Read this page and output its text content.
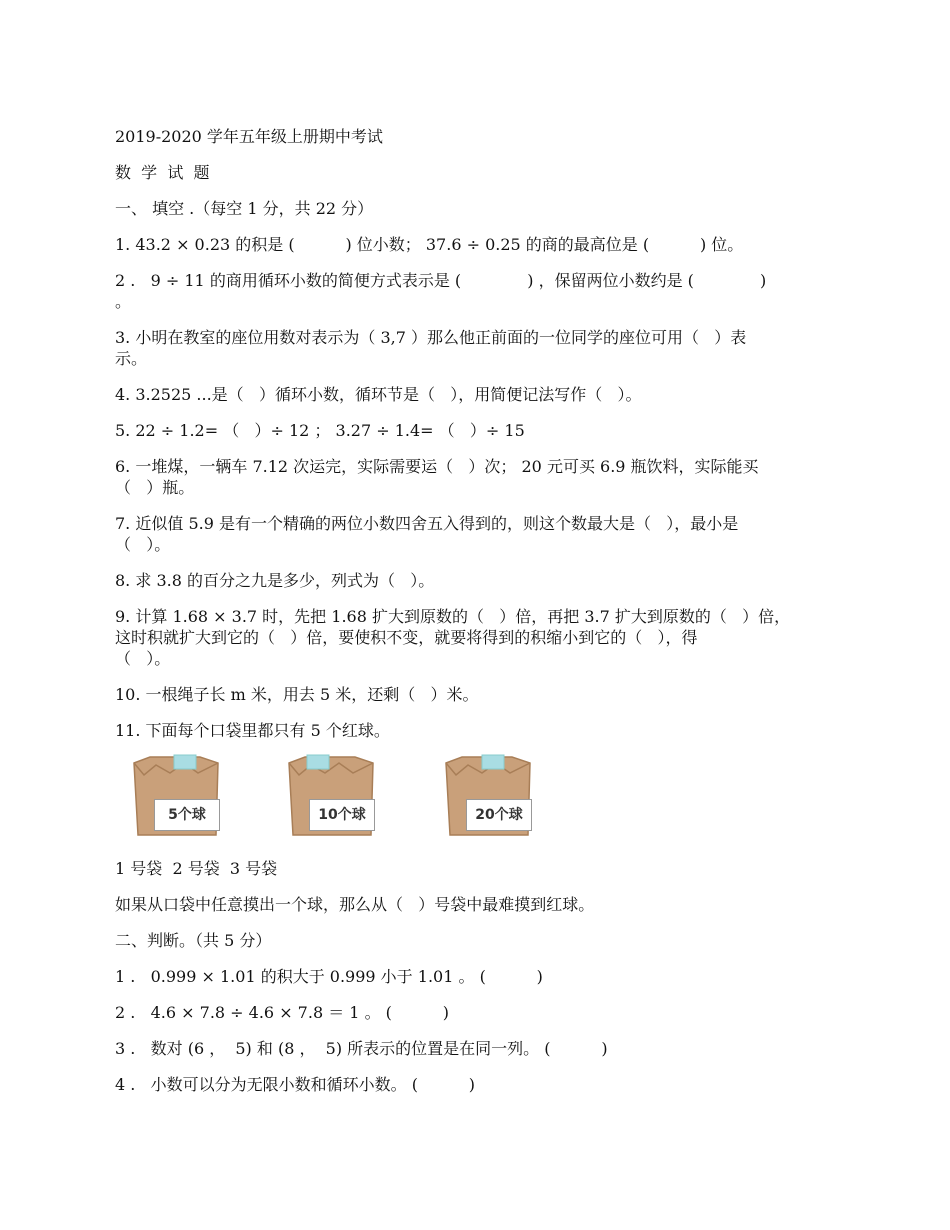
2019-2020 学年五年级上册期中考试

数  学  试  题

一、 填空 .（每空 1 分，共 22 分）

1. 43.2 × 0.23 的积是 (          ) 位小数； 37.6 ÷ 0.25 的商的最高位是 (          ) 位。

2 .   9 ÷ 11 的商用循环小数的简便方式表示是 (             ) ，保留两位小数约是 (             )

。

3. 小明在教室的座位用数对表示为（ 3,7 ）那么他正前面的一位同学的座位可用（   ）表

示。

4. 3.2525 ...是（   ）循环小数，循环节是（   ），用简便记法写作（   ）。

5. 22 ÷ 1.2= （   ）÷ 12 ； 3.27 ÷ 1.4= （   ）÷ 15

6. 一堆煤，一辆车 7.12 次运完，实际需要运（   ）次； 20 元可买 6.9 瓶饮料，实际能买

（   ）瓶。

7. 近似值 5.9 是有一个精确的两位小数四舍五入得到的，则这个数最大是（   ），最小是

（   ）。

8. 求 3.8 的百分之九是多少，列式为（   ）。

9. 计算 1.68 × 3.7 时，先把 1.68 扩大到原数的（   ）倍，再把 3.7 扩大到原数的（   ）倍，

这时积就扩大到它的（   ）倍，要使积不变，就要将得到的积缩小到它的（   ），得

（   ）。

10. 一根绳子长 m 米，用去 5 米，还剩（   ）米。

11. 下面每个口袋里都只有 5 个红球。

5个球	10个球	20个球

1 号袋  2 号袋  3 号袋

如果从口袋中任意摸出一个球，那么从（   ）号袋中最难摸到红球。

二、判断。（共 5 分）

1 .   0.999 × 1.01 的积大于 0.999 小于 1.01 。 (          )

2 .   4.6 × 7.8 ÷ 4.6 × 7.8 ＝ 1 。 (          )

3 .   数对 (6 ，  5) 和 (8 ，  5) 所表示的位置是在同一列。 (          )

4 .   小数可以分为无限小数和循环小数。 (          )
